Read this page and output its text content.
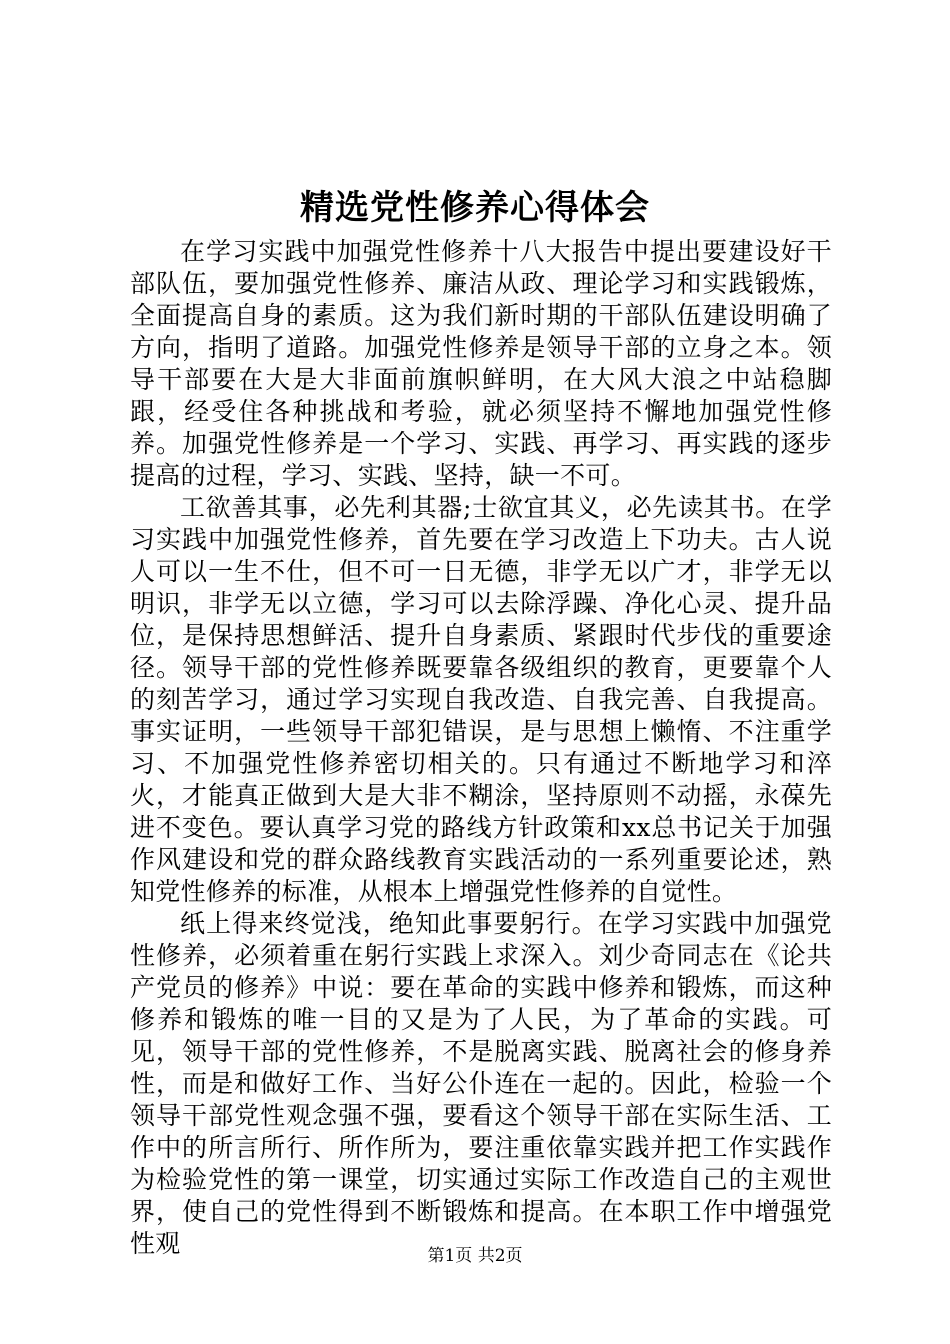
精选党性修养心得体会

在学习实践中加强党性修养十八大报告中提出要建设好干部队伍，要加强党性修养、廉洁从政、理论学习和实践锻炼，全面提高自身的素质。这为我们新时期的干部队伍建设明确了方向，指明了道路。加强党性修养是领导干部的立身之本。领导干部要在大是大非面前旗帜鲜明，在大风大浪之中站稳脚跟，经受住各种挑战和考验，就必须坚持不懈地加强党性修养。加强党性修养是一个学习、实践、再学习、再实践的逐步提高的过程，学习、实践、坚持，缺一不可。

工欲善其事，必先利其器;士欲宜其义，必先读其书。在学习实践中加强党性修养，首先要在学习改造上下功夫。古人说人可以一生不仕，但不可一日无德，非学无以广才，非学无以明识，非学无以立德，学习可以去除浮躁、净化心灵、提升品位，是保持思想鲜活、提升自身素质、紧跟时代步伐的重要途径。领导干部的党性修养既要靠各级组织的教育，更要靠个人的刻苦学习，通过学习实现自我改造、自我完善、自我提高。事实证明，一些领导干部犯错误，是与思想上懒惰、不注重学习、不加强党性修养密切相关的。只有通过不断地学习和淬火，才能真正做到大是大非不糊涂，坚持原则不动摇，永葆先进不变色。要认真学习党的路线方针政策和xx总书记关于加强作风建设和党的群众路线教育实践活动的一系列重要论述，熟知党性修养的标准，从根本上增强党性修养的自觉性。

纸上得来终觉浅，绝知此事要躬行。在学习实践中加强党性修养，必须着重在躬行实践上求深入。刘少奇同志在《论共产党员的修养》中说：要在革命的实践中修养和锻炼，而这种修养和锻炼的唯一目的又是为了人民，为了革命的实践。可见，领导干部的党性修养，不是脱离实践、脱离社会的修身养性，而是和做好工作、当好公仆连在一起的。因此，检验一个领导干部党性观念强不强，要看这个领导干部在实际生活、工作中的所言所行、所作所为，要注重依靠实践并把工作实践作为检验党性的第一课堂，切实通过实际工作改造自己的主观世界，使自己的党性得到不断锻炼和提高。在本职工作中增强党性观	第1页 共2页
